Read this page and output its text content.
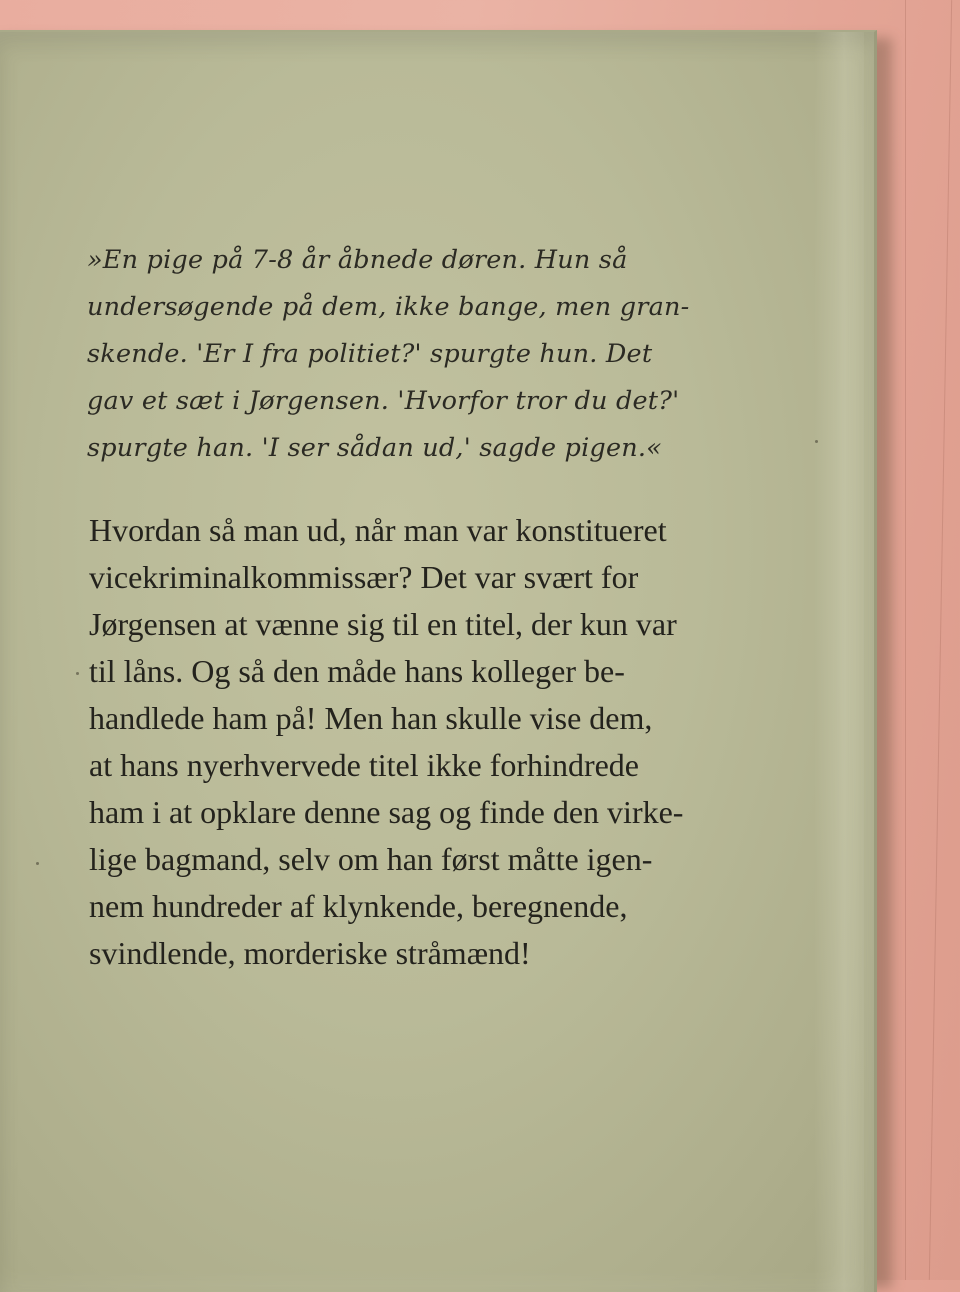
»En pige på 7-8 år åbnede døren. Hun så
undersøgende på dem, ikke bange, men gran-
skende. 'Er I fra politiet?' spurgte hun. Det
gav et sæt i Jørgensen. 'Hvorfor tror du det?'
spurgte han. 'I ser sådan ud,' sagde pigen.«
Hvordan så man ud, når man var konstitueret
vicekriminalkommissær? Det var svært for
Jørgensen at vænne sig til en titel, der kun var
til låns. Og så den måde hans kolleger be-
handlede ham på! Men han skulle vise dem,
at hans nyerhvervede titel ikke forhindrede
ham i at opklare denne sag og finde den virke-
lige bagmand, selv om han først måtte igen-
nem hundreder af klynkende, beregnende,
svindlende, morderiske stråmænd!
